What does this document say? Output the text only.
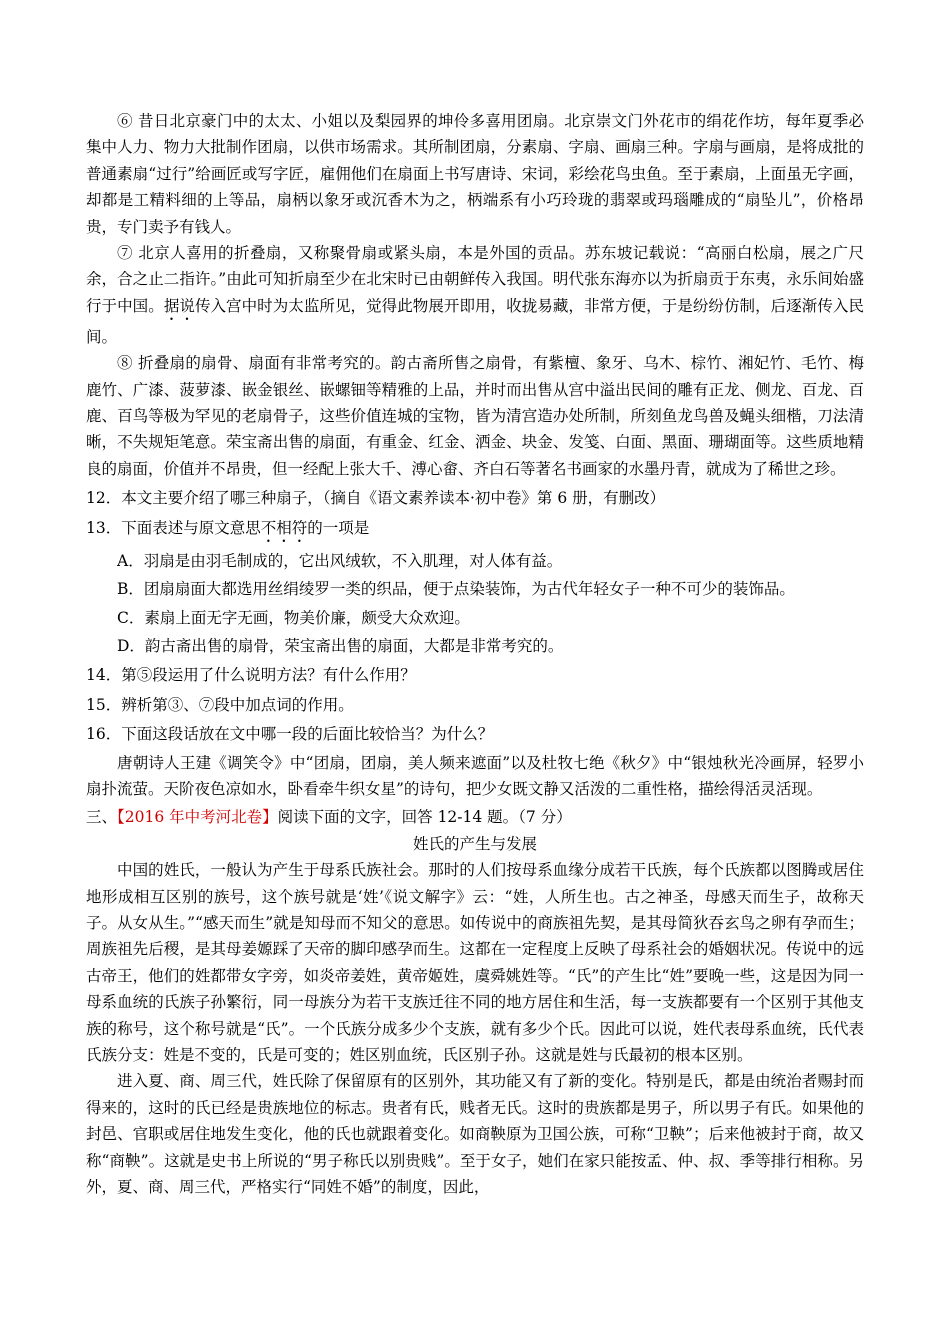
⑥ 昔日北京豪门中的太太、小姐以及梨园界的坤伶多喜用团扇。北京崇文门外花市的绢花作坊，每年夏季必集中人力、物力大批制作团扇，以供市场需求。其所制团扇，分素扇、字扇、画扇三种。字扇与画扇，是将成批的普通素扇“过行”给画匠或写字匠，雇佣他们在扇面上书写唐诗、宋词，彩绘花鸟虫鱼。至于素扇，上面虽无字画，却都是工精料细的上等品，扇柄以象牙或沉香木为之，柄端系有小巧玲珑的翡翠或玛瑙雕成的“扇坠儿”，价格昂贵，专门卖予有钱人。

⑦ 北京人喜用的折叠扇，又称聚骨扇或紧头扇，本是外国的贡品。苏东坡记载说：“高丽白松扇，展之广尺余，合之止二指许。”由此可知折扇至少在北宋时已由朝鲜传入我国。明代张东海亦以为折扇贡于东夷，永乐间始盛行于中国。据说传入宫中时为太监所见，觉得此物展开即用，收拢易藏，非常方便，于是纷纷仿制，后逐渐传入民间。

⑧ 折叠扇的扇骨、扇面有非常考究的。韵古斋所售之扇骨，有紫檀、象牙、乌木、棕竹、湘妃竹、毛竹、梅鹿竹、广漆、菠萝漆、嵌金银丝、嵌螺钿等精雅的上品，并时而出售从宫中溢出民间的雕有正龙、侧龙、百龙、百鹿、百鸟等极为罕见的老扇骨子，这些价值连城的宝物，皆为清宫造办处所制，所刻鱼龙鸟兽及蝇头细楷，刀法清晰，不失规矩笔意。荣宝斋出售的扇面，有重金、红金、洒金、块金、发笺、白面、黑面、珊瑚面等。这些质地精良的扇面，价值并不昂贵，但一经配上张大千、溥心畲、齐白石等著名书画家的水墨丹青，就成为了稀世之珍。

12．本文主要介绍了哪三种扇子，（摘自《语文素养读本·初中卷》第 6 册，有删改）

13．下面表述与原文意思不相符的一项是

A．羽扇是由羽毛制成的，它出风绒软，不入肌理，对人体有益。

B．团扇扇面大都选用丝绢绫罗一类的织品，便于点染装饰，为古代年轻女子一种不可少的装饰品。

C．素扇上面无字无画，物美价廉，颇受大众欢迎。

D．韵古斋出售的扇骨，荣宝斋出售的扇面，大都是非常考究的。

14．第⑤段运用了什么说明方法？有什么作用？

15．辨析第③、⑦段中加点词的作用。

16．下面这段话放在文中哪一段的后面比较恰当？为什么？

唐朝诗人王建《调笑令》中“团扇，团扇，美人频来遮面”以及杜牧七绝《秋夕》中“银烛秋光冷画屏，轻罗小扇扑流萤。天阶夜色凉如水，卧看牵牛织女星”的诗句，把少女既文静又活泼的二重性格，描绘得活灵活现。

三、【2016 年中考河北卷】阅读下面的文字，回答 12-14 题。（7 分）

姓氏的产生与发展

中国的姓氏，一般认为产生于母系氏族社会。那时的人们按母系血缘分成若干氏族，每个氏族都以图腾或居住地形成相互区别的族号，这个族号就是‘姓’《说文解字》云：“姓，人所生也。古之神圣，母感天而生子，故称天子。从女从生。”“感天而生”就是知母而不知父的意思。如传说中的商族祖先契，是其母简狄吞玄鸟之卵有孕而生；周族祖先后稷，是其母姜嫄踩了天帝的脚印感孕而生。这都在一定程度上反映了母系社会的婚姻状况。传说中的远古帝王，他们的姓都带女字旁，如炎帝姜姓，黄帝姬姓，虞舜姚姓等。“氏”的产生比“姓”要晚一些，这是因为同一母系血统的氏族子孙繁衍，同一母族分为若干支族迁往不同的地方居住和生活，每一支族都要有一个区别于其他支族的称号，这个称号就是“氏”。一个氏族分成多少个支族，就有多少个氏。因此可以说，姓代表母系血统，氏代表氏族分支：姓是不变的，氏是可变的；姓区别血统，氏区别子孙。这就是姓与氏最初的根本区别。

进入夏、商、周三代，姓氏除了保留原有的区别外，其功能又有了新的变化。特别是氏，都是由统治者赐封而得来的，这时的氏已经是贵族地位的标志。贵者有氏，贱者无氏。这时的贵族都是男子，所以男子有氏。如果他的封邑、官职或居住地发生变化，他的氏也就跟着变化。如商鞅原为卫国公族，可称“卫鞅”；后来他被封于商，故又称“商鞅”。这就是史书上所说的“男子称氏以别贵贱”。至于女子，她们在家只能按孟、仲、叔、季等排行相称。另外，夏、商、周三代，严格实行“同姓不婚”的制度，因此，
